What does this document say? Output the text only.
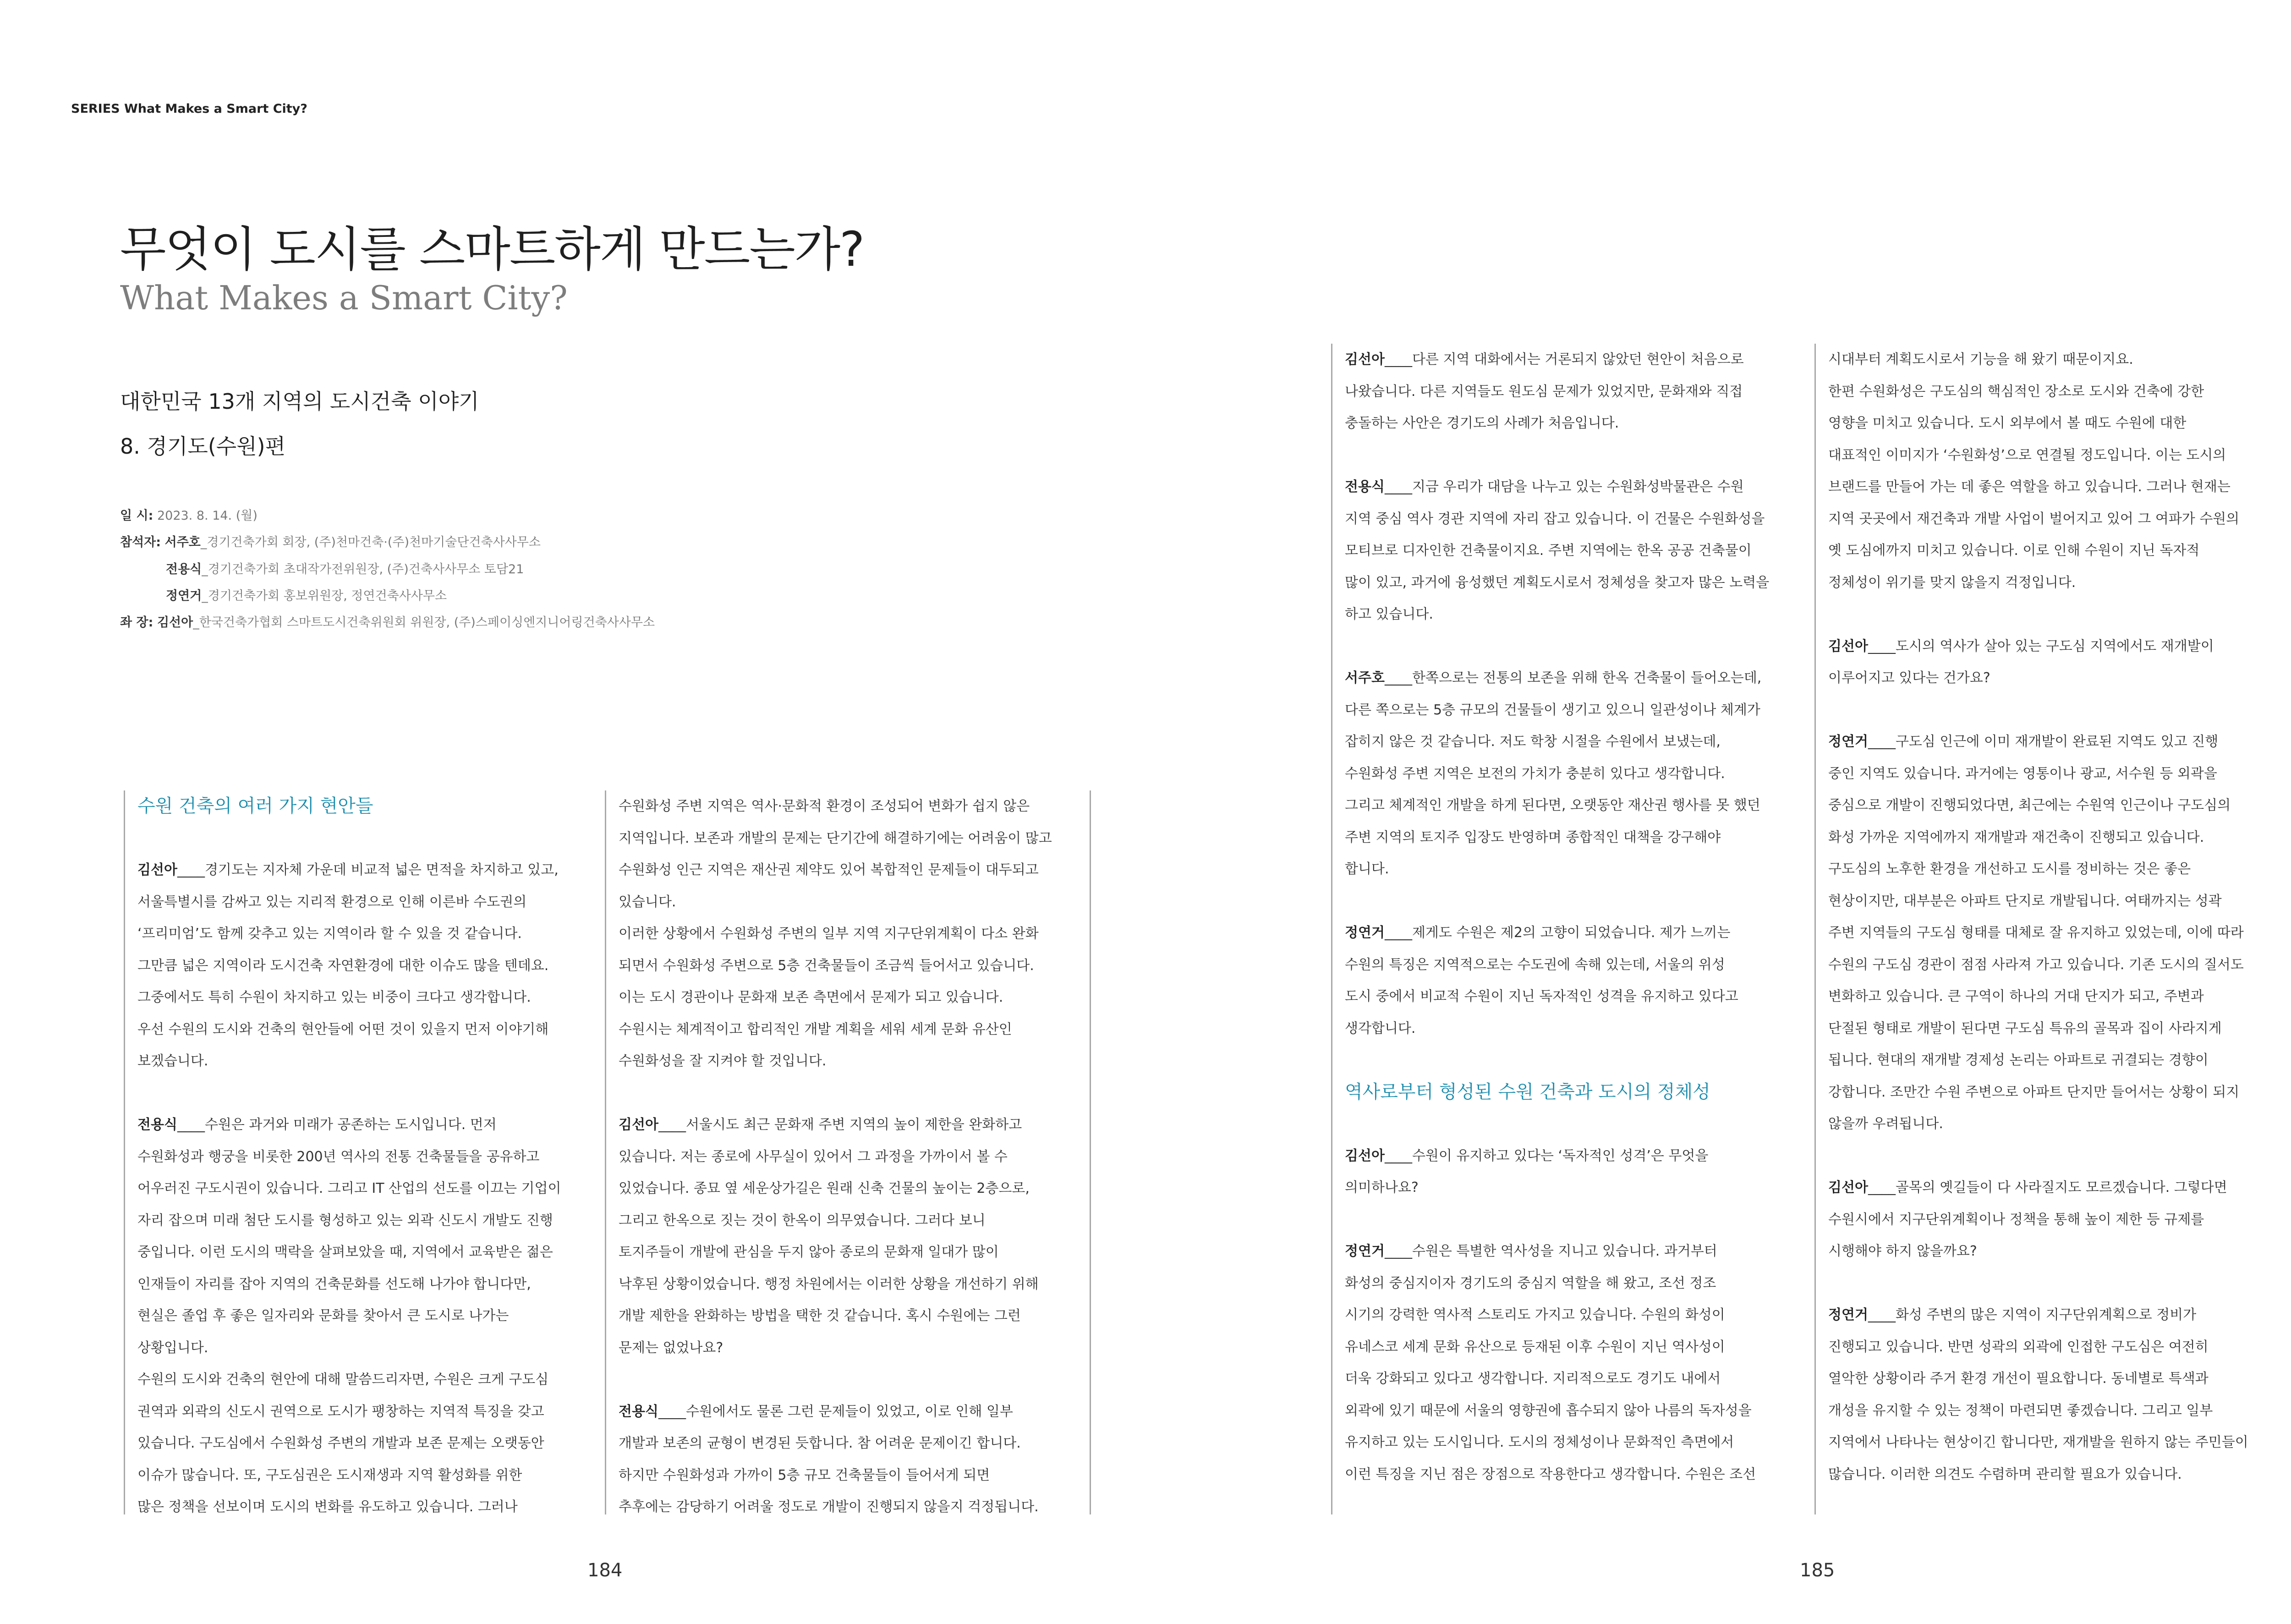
SERIES What Makes a Smart City?
무엇이 도시를 스마트하게 만드는가?
What Makes a Smart City?
대한민국 13개 지역의 도시건축 이야기
8. 경기도(수원)편
일 시: 2023. 8. 14. (월)
참석자: 서주호_경기건축가회 회장, (주)천마건축·(주)천마기술단건축사사무소
전용식_경기건축가회 초대작가전위원장, (주)건축사사무소 토담21
정연거_경기건축가회 홍보위원장, 정연건축사사무소
좌 장: 김선아_한국건축가협회 스마트도시건축위원회 위원장, (주)스페이싱엔지니어링건축사사무소

수원 건축의 여러 가지 현안들

김선아____경기도는 지자체 가운데 비교적 넓은 면적을 차지하고 있고,

서울특별시를 감싸고 있는 지리적 환경으로 인해 이른바 수도권의

‘프리미엄’도 함께 갖추고 있는 지역이라 할 수 있을 것 같습니다.

그만큼 넓은 지역이라 도시건축 자연환경에 대한 이슈도 많을 텐데요.

그중에서도 특히 수원이 차지하고 있는 비중이 크다고 생각합니다.

우선 수원의 도시와 건축의 현안들에 어떤 것이 있을지 먼저 이야기해

보겠습니다.

전용식____수원은 과거와 미래가 공존하는 도시입니다. 먼저

수원화성과 행궁을 비롯한 200년 역사의 전통 건축물들을 공유하고

어우러진 구도시권이 있습니다. 그리고 IT 산업의 선도를 이끄는 기업이

자리 잡으며 미래 첨단 도시를 형성하고 있는 외곽 신도시 개발도 진행

중입니다. 이런 도시의 맥락을 살펴보았을 때, 지역에서 교육받은 젊은

인재들이 자리를 잡아 지역의 건축문화를 선도해 나가야 합니다만,

현실은 졸업 후 좋은 일자리와 문화를 찾아서 큰 도시로 나가는

상황입니다.

수원의 도시와 건축의 현안에 대해 말씀드리자면, 수원은 크게 구도심

권역과 외곽의 신도시 권역으로 도시가 팽창하는 지역적 특징을 갖고

있습니다. 구도심에서 수원화성 주변의 개발과 보존 문제는 오랫동안

이슈가 많습니다. 또, 구도심권은 도시재생과 지역 활성화를 위한

많은 정책을 선보이며 도시의 변화를 유도하고 있습니다. 그러나

수원화성 주변 지역은 역사·문화적 환경이 조성되어 변화가 쉽지 않은

지역입니다. 보존과 개발의 문제는 단기간에 해결하기에는 어려움이 많고

수원화성 인근 지역은 재산권 제약도 있어 복합적인 문제들이 대두되고

있습니다.

이러한 상황에서 수원화성 주변의 일부 지역 지구단위계획이 다소 완화

되면서 수원화성 주변으로 5층 건축물들이 조금씩 들어서고 있습니다.

이는 도시 경관이나 문화재 보존 측면에서 문제가 되고 있습니다.

수원시는 체계적이고 합리적인 개발 계획을 세워 세계 문화 유산인

수원화성을 잘 지켜야 할 것입니다.

김선아____서울시도 최근 문화재 주변 지역의 높이 제한을 완화하고

있습니다. 저는 종로에 사무실이 있어서 그 과정을 가까이서 볼 수

있었습니다. 종묘 옆 세운상가길은 원래 신축 건물의 높이는 2층으로,

그리고 한옥으로 짓는 것이 한옥이 의무였습니다. 그러다 보니

토지주들이 개발에 관심을 두지 않아 종로의 문화재 일대가 많이

낙후된 상황이었습니다. 행정 차원에서는 이러한 상황을 개선하기 위해

개발 제한을 완화하는 방법을 택한 것 같습니다. 혹시 수원에는 그런

문제는 없었나요?

전용식____수원에서도 물론 그런 문제들이 있었고, 이로 인해 일부

개발과 보존의 균형이 변경된 듯합니다. 참 어려운 문제이긴 합니다.

하지만 수원화성과 가까이 5층 규모 건축물들이 들어서게 되면

추후에는 감당하기 어려울 정도로 개발이 진행되지 않을지 걱정됩니다.

김선아____다른 지역 대화에서는 거론되지 않았던 현안이 처음으로

나왔습니다. 다른 지역들도 원도심 문제가 있었지만, 문화재와 직접

충돌하는 사안은 경기도의 사례가 처음입니다.

전용식____지금 우리가 대담을 나누고 있는 수원화성박물관은 수원

지역 중심 역사 경관 지역에 자리 잡고 있습니다. 이 건물은 수원화성을

모티브로 디자인한 건축물이지요. 주변 지역에는 한옥 공공 건축물이

많이 있고, 과거에 융성했던 계획도시로서 정체성을 찾고자 많은 노력을

하고 있습니다.

서주호____한쪽으로는 전통의 보존을 위해 한옥 건축물이 들어오는데,

다른 쪽으로는 5층 규모의 건물들이 생기고 있으니 일관성이나 체계가

잡히지 않은 것 같습니다. 저도 학창 시절을 수원에서 보냈는데,

수원화성 주변 지역은 보전의 가치가 충분히 있다고 생각합니다.

그리고 체계적인 개발을 하게 된다면, 오랫동안 재산권 행사를 못 했던

주변 지역의 토지주 입장도 반영하며 종합적인 대책을 강구해야

합니다.

정연거____제게도 수원은 제2의 고향이 되었습니다. 제가 느끼는

수원의 특징은 지역적으로는 수도권에 속해 있는데, 서울의 위성

도시 중에서 비교적 수원이 지닌 독자적인 성격을 유지하고 있다고

생각합니다.

역사로부터 형성된 수원 건축과 도시의 정체성

김선아____수원이 유지하고 있다는 ‘독자적인 성격’은 무엇을

의미하나요?

정연거____수원은 특별한 역사성을 지니고 있습니다. 과거부터

화성의 중심지이자 경기도의 중심지 역할을 해 왔고, 조선 정조

시기의 강력한 역사적 스토리도 가지고 있습니다. 수원의 화성이

유네스코 세계 문화 유산으로 등재된 이후 수원이 지닌 역사성이

더욱 강화되고 있다고 생각합니다. 지리적으로도 경기도 내에서

외곽에 있기 때문에 서울의 영향권에 흡수되지 않아 나름의 독자성을

유지하고 있는 도시입니다. 도시의 정체성이나 문화적인 측면에서

이런 특징을 지닌 점은 장점으로 작용한다고 생각합니다. 수원은 조선

시대부터 계획도시로서 기능을 해 왔기 때문이지요.

한편 수원화성은 구도심의 핵심적인 장소로 도시와 건축에 강한

영향을 미치고 있습니다. 도시 외부에서 볼 때도 수원에 대한

대표적인 이미지가 ‘수원화성’으로 연결될 정도입니다. 이는 도시의

브랜드를 만들어 가는 데 좋은 역할을 하고 있습니다. 그러나 현재는

지역 곳곳에서 재건축과 개발 사업이 벌어지고 있어 그 여파가 수원의

옛 도심에까지 미치고 있습니다. 이로 인해 수원이 지닌 독자적

정체성이 위기를 맞지 않을지 걱정입니다.

김선아____도시의 역사가 살아 있는 구도심 지역에서도 재개발이

이루어지고 있다는 건가요?

정연거____구도심 인근에 이미 재개발이 완료된 지역도 있고 진행

중인 지역도 있습니다. 과거에는 영통이나 광교, 서수원 등 외곽을

중심으로 개발이 진행되었다면, 최근에는 수원역 인근이나 구도심의

화성 가까운 지역에까지 재개발과 재건축이 진행되고 있습니다.

구도심의 노후한 환경을 개선하고 도시를 정비하는 것은 좋은

현상이지만, 대부분은 아파트 단지로 개발됩니다. 여태까지는 성곽

주변 지역들의 구도심 형태를 대체로 잘 유지하고 있었는데, 이에 따라

수원의 구도심 경관이 점점 사라져 가고 있습니다. 기존 도시의 질서도

변화하고 있습니다. 큰 구역이 하나의 거대 단지가 되고, 주변과

단절된 형태로 개발이 된다면 구도심 특유의 골목과 집이 사라지게

됩니다. 현대의 재개발 경제성 논리는 아파트로 귀결되는 경향이

강합니다. 조만간 수원 주변으로 아파트 단지만 들어서는 상황이 되지

않을까 우려됩니다.

김선아____골목의 옛길들이 다 사라질지도 모르겠습니다. 그렇다면

수원시에서 지구단위계획이나 정책을 통해 높이 제한 등 규제를

시행해야 하지 않을까요?

정연거____화성 주변의 많은 지역이 지구단위계획으로 정비가

진행되고 있습니다. 반면 성곽의 외곽에 인접한 구도심은 여전히

열악한 상황이라 주거 환경 개선이 필요합니다. 동네별로 특색과

개성을 유지할 수 있는 정책이 마련되면 좋겠습니다. 그리고 일부

지역에서 나타나는 현상이긴 합니다만, 재개발을 원하지 않는 주민들이

많습니다. 이러한 의견도 수렴하며 관리할 필요가 있습니다.

184	185
